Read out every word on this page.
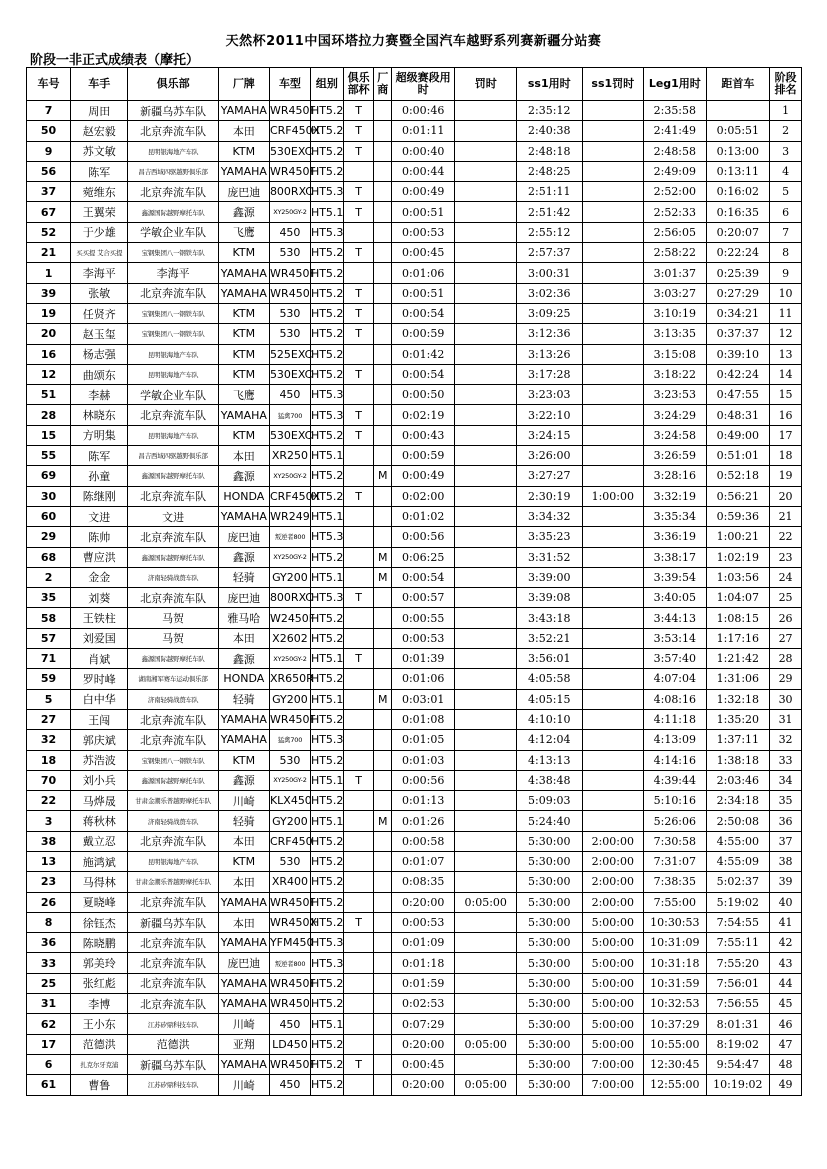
天然杯2011中国环塔拉力赛暨全国汽车越野系列赛新疆分站赛
阶段一非正式成绩表（摩托）
车号	车手	俱乐部	厂牌	车型	组别	俱乐部杯	厂商	超级赛段用时	罚时	ss1用时	ss1罚时	Leg1用时	距首车	阶段排名
7	周田	新疆乌苏车队	YAMAHA	WR450F	HT5.2	T		0:00:46		2:35:12		2:35:58		1
50	赵宏毅	北京奔流车队	本田	CRF450X	HT5.2	T		0:01:11		2:40:38		2:41:49	0:05:51	2
9	苏文敏	昆明银海地产车队	KTM	530EXC	HT5.2	T		0:00:40		2:48:18		2:48:58	0:13:00	3
56	陈军	昌吉西域四驱越野俱乐部	YAMAHA	WR450F	HT5.2			0:00:44		2:48:25		2:49:09	0:13:11	4
37	菀维东	北京奔流车队	庞巴迪	800RXC	HT5.3	T		0:00:49		2:51:11		2:52:00	0:16:02	5
67	王翼荣	鑫源国际越野摩托车队	鑫源	XY250GY-2	HT5.1	T		0:00:51		2:51:42		2:52:33	0:16:35	6
52	于少雄	学敏企业车队	飞鹰	450	HT5.3			0:00:53		2:55:12		2:56:05	0:20:07	7
21	买买提 艾合买提	宝钢集团八一钢铁车队	KTM	530	HT5.2	T		0:00:45		2:57:37		2:58:22	0:22:24	8
1	李海平	李海平	YAMAHA	WR450F	HT5.2			0:01:06		3:00:31		3:01:37	0:25:39	9
39	张敏	北京奔流车队	YAMAHA	WR450	HT5.2	T		0:00:51		3:02:36		3:03:27	0:27:29	10
19	任贤齐	宝钢集团八一钢铁车队	KTM	530	HT5.2	T		0:00:54		3:09:25		3:10:19	0:34:21	11
20	赵玉玺	宝钢集团八一钢铁车队	KTM	530	HT5.2	T		0:00:59		3:12:36		3:13:35	0:37:37	12
16	杨志强	昆明银海地产车队	KTM	525EXC	HT5.2			0:01:42		3:13:26		3:15:08	0:39:10	13
12	曲颂东	昆明银海地产车队	KTM	530EXC	HT5.2	T		0:00:54		3:17:28		3:18:22	0:42:24	14
51	李赫	学敏企业车队	飞鹰	450	HT5.3			0:00:50		3:23:03		3:23:53	0:47:55	15
28	林晓东	北京奔流车队	YAMAHA	猛禽700	HT5.3	T		0:02:19		3:22:10		3:24:29	0:48:31	16
15	方明集	昆明银海地产车队	KTM	530EXC	HT5.2	T		0:00:43		3:24:15		3:24:58	0:49:00	17
55	陈军	昌吉西域四驱越野俱乐部	本田	XR250	HT5.1			0:00:59		3:26:00		3:26:59	0:51:01	18
69	孙童	鑫源国际越野摩托车队	鑫源	XY250GY-2	HT5.2		M	0:00:49		3:27:27		3:28:16	0:52:18	19
30	陈继刚	北京奔流车队	HONDA	CRF450X	HT5.2	T		0:02:00		2:30:19	1:00:00	3:32:19	0:56:21	20
60	文进	文进	YAMAHA	WR249	HT5.1			0:01:02		3:34:32		3:35:34	0:59:36	21
29	陈帅	北京奔流车队	庞巴迪	叛逆者800	HT5.3			0:00:56		3:35:23		3:36:19	1:00:21	22
68	曹应洪	鑫源国际越野摩托车队	鑫源	XY250GY-2	HT5.2		M	0:06:25		3:31:52		3:38:17	1:02:19	23
2	金金	济南轻骑战赘车队	轻骑	GY200	HT5.1		M	0:00:54		3:39:00		3:39:54	1:03:56	24
35	刘葵	北京奔流车队	庞巴迪	800RXC	HT5.3	T		0:00:57		3:39:08		3:40:05	1:04:07	25
58	王铁柱	马贺	雅马哈	W2450F	HT5.2			0:00:55		3:43:18		3:44:13	1:08:15	26
57	刘爱国	马贺	本田	X2602	HT5.2			0:00:53		3:52:21		3:53:14	1:17:16	27
71	肖斌	鑫源国际越野摩托车队	鑫源	XY250GY-2	HT5.1	T		0:01:39		3:56:01		3:57:40	1:21:42	28
59	罗时峰	湖南湘军赛车运动俱乐部	HONDA	XR650R	HT5.2			0:01:06		4:05:58		4:07:04	1:31:06	29
5	白中华	济南轻骑战赘车队	轻骑	GY200	HT5.1		M	0:03:01		4:05:15		4:08:16	1:32:18	30
27	王闯	北京奔流车队	YAMAHA	WR450F	HT5.2			0:01:08		4:10:10		4:11:18	1:35:20	31
32	郭庆斌	北京奔流车队	YAMAHA	猛禽700	HT5.3			0:01:05		4:12:04		4:13:09	1:37:11	32
18	苏浩波	宝钢集团八一钢铁车队	KTM	530	HT5.2			0:01:03		4:13:13		4:14:16	1:38:18	33
70	刘小兵	鑫源国际越野摩托车队	鑫源	XY250GY-2	HT5.1	T		0:00:56		4:38:48		4:39:44	2:03:46	34
22	马烨晟	甘肃金潮乐普越野摩托车队	川崎	KLX450	HT5.2			0:01:13		5:09:03		5:10:16	2:34:18	35
3	蒋秋林	济南轻骑战赘车队	轻骑	GY200	HT5.1		M	0:01:26		5:24:40		5:26:06	2:50:08	36
38	戴立忍	北京奔流车队	本田	CRF450	HT5.2			0:00:58		5:30:00	2:00:00	7:30:58	4:55:00	37
13	施鸿斌	昆明银海地产车队	KTM	530	HT5.2			0:01:07		5:30:00	2:00:00	7:31:07	4:55:09	38
23	马得林	甘肃金潮乐普越野摩托车队	本田	XR400	HT5.2			0:08:35		5:30:00	2:00:00	7:38:35	5:02:37	39
26	夏晓峰	北京奔流车队	YAMAHA	WR450F	HT5.2			0:20:00	0:05:00	5:30:00	2:00:00	7:55:00	5:19:02	40
8	徐钰杰	新疆乌苏车队	本田	WR450X	HT5.2	T		0:00:53		5:30:00	5:00:00	10:30:53	7:54:55	41
36	陈晓鹏	北京奔流车队	YAMAHA	YFM450	HT5.3			0:01:09		5:30:00	5:00:00	10:31:09	7:55:11	42
33	郭美玲	北京奔流车队	庞巴迪	叛逆者800	HT5.3			0:01:18		5:30:00	5:00:00	10:31:18	7:55:20	43
25	张红彪	北京奔流车队	YAMAHA	WR450F	HT5.2			0:01:59		5:30:00	5:00:00	10:31:59	7:56:01	44
31	李博	北京奔流车队	YAMAHA	WR450	HT5.2			0:02:53		5:30:00	5:00:00	10:32:53	7:56:55	45
62	王小东	江苏矽鼎科技车队	川崎	450	HT5.1			0:07:29		5:30:00	5:00:00	10:37:29	8:01:31	46
17	范德洪	范德洪	亚翔	LD450	HT5.2			0:20:00	0:05:00	5:30:00	5:00:00	10:55:00	8:19:02	47
6	扎克尔牙克浦	新疆乌苏车队	YAMAHA	WR450F	HT5.2	T		0:00:45		5:30:00	7:00:00	12:30:45	9:54:47	48
61	曹鲁	江苏矽鼎科技车队	川崎	450	HT5.2			0:20:00	0:05:00	5:30:00	7:00:00	12:55:00	10:19:02	49
